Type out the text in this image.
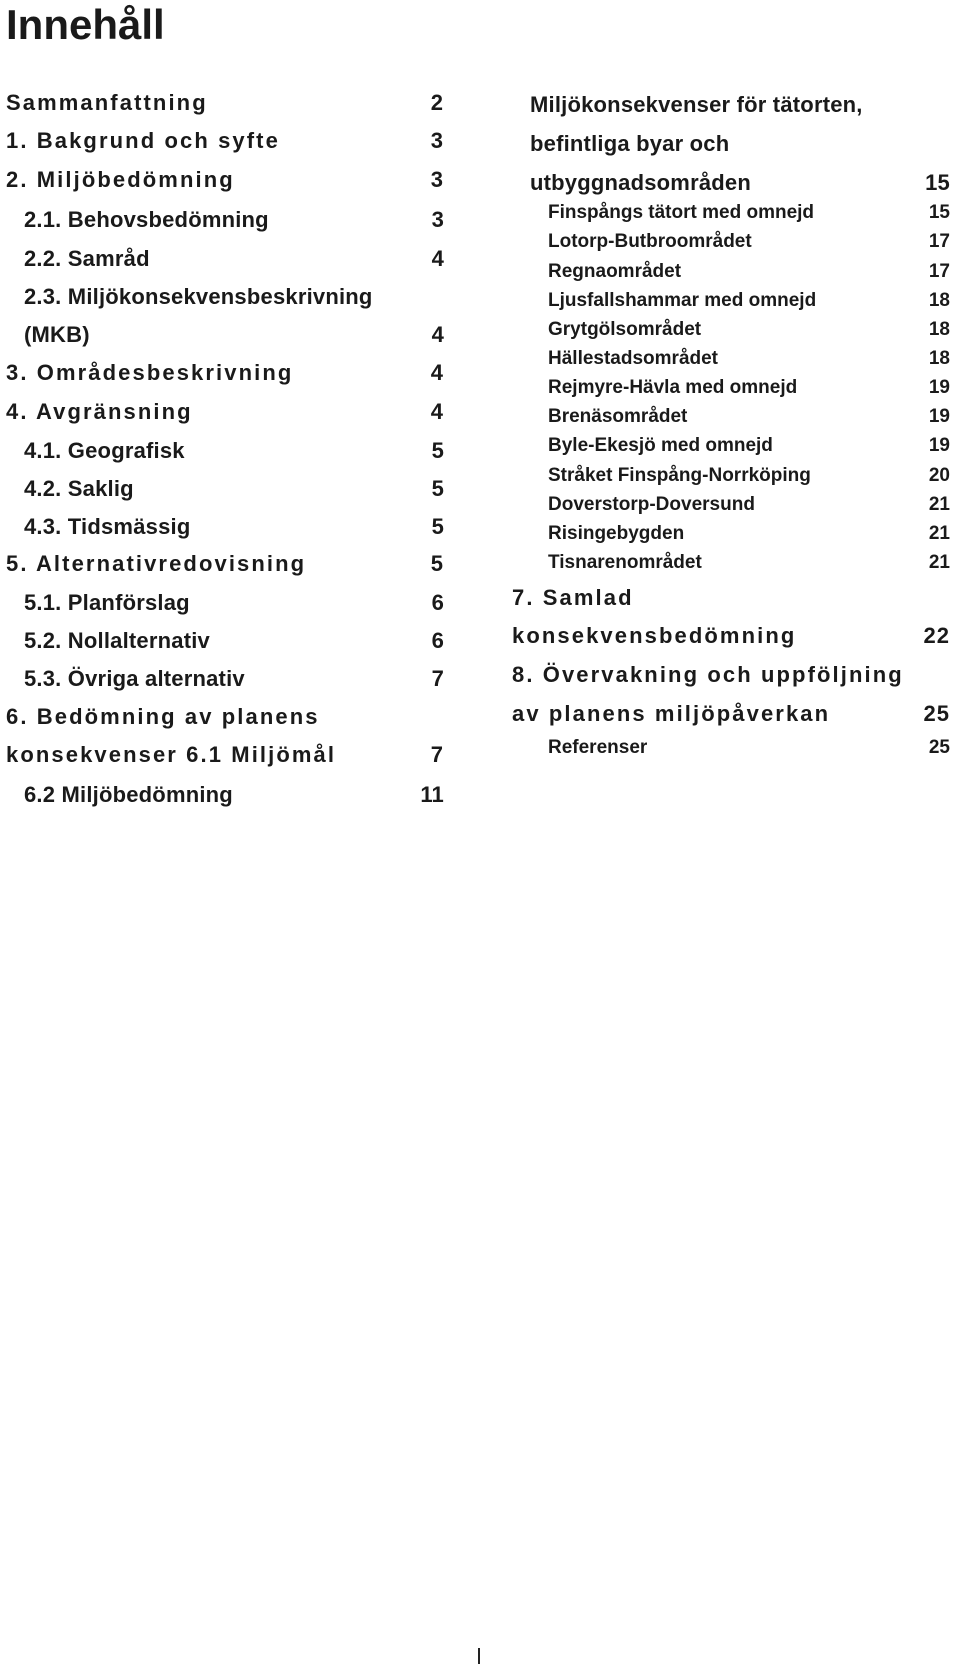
Innehåll
Sammanfattning	2
1. Bakgrund och syfte	3
2. Miljöbedömning	3
2.1. Behovsbedömning	3
2.2. Samråd	4
2.3. Miljökonsekvensbeskrivning
(MKB)	4
3. Områdesbeskrivning	4
4. Avgränsning	4
4.1. Geografisk	5
4.2. Saklig	5
4.3. Tidsmässig	5
5. Alternativredovisning	5
5.1. Planförslag	6
5.2. Nollalternativ	6
5.3. Övriga alternativ	7
6. Bedömning av planens
konsekvenser 6.1 Miljömål	7
6.2 Miljöbedömning	11
Miljökonsekvenser för tätorten,
befintliga byar och
utbyggnadsområden	15
Finspångs tätort med omnejd	15
Lotorp-Butbroområdet	17
Regnaområdet	17
Ljusfallshammar med omnejd	18
Grytgölsområdet	18
Hällestadsområdet	18
Rejmyre-Hävla med omnejd	19
Brenäsområdet	19
Byle-Ekesjö med omnejd	19
Stråket Finspång-Norrköping	20
Doverstorp-Doversund	21
Risingebygden	21
Tisnarenområdet	21
7. Samlad
konsekvensbedömning	22
8. Övervakning och uppföljning
av planens miljöpåverkan	25
Referenser	25
